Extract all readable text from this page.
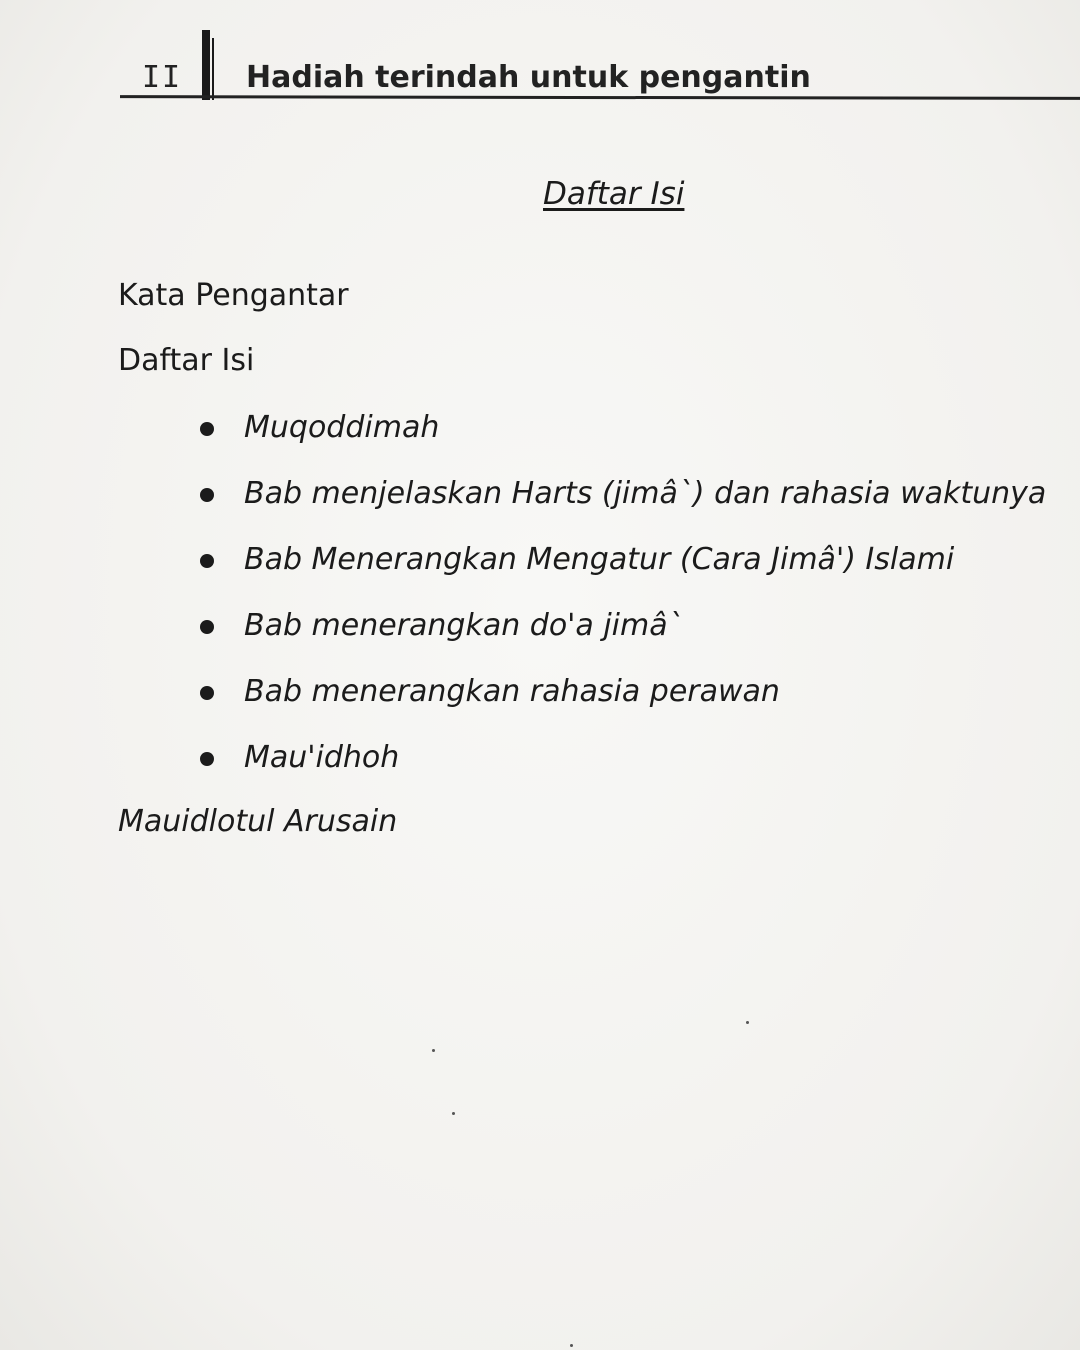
II Hadiah terindah untuk pengantin
Daftar Isi
Kata Pengantar
Daftar Isi
Muqoddimah
Bab menjelaskan Harts (jimâ`) dan rahasia waktunya
Bab Menerangkan Mengatur (Cara Jimâ') Islami
Bab menerangkan do'a jimâ`
Bab menerangkan rahasia perawan
Mau'idhoh
Mauidlotul Arusain
